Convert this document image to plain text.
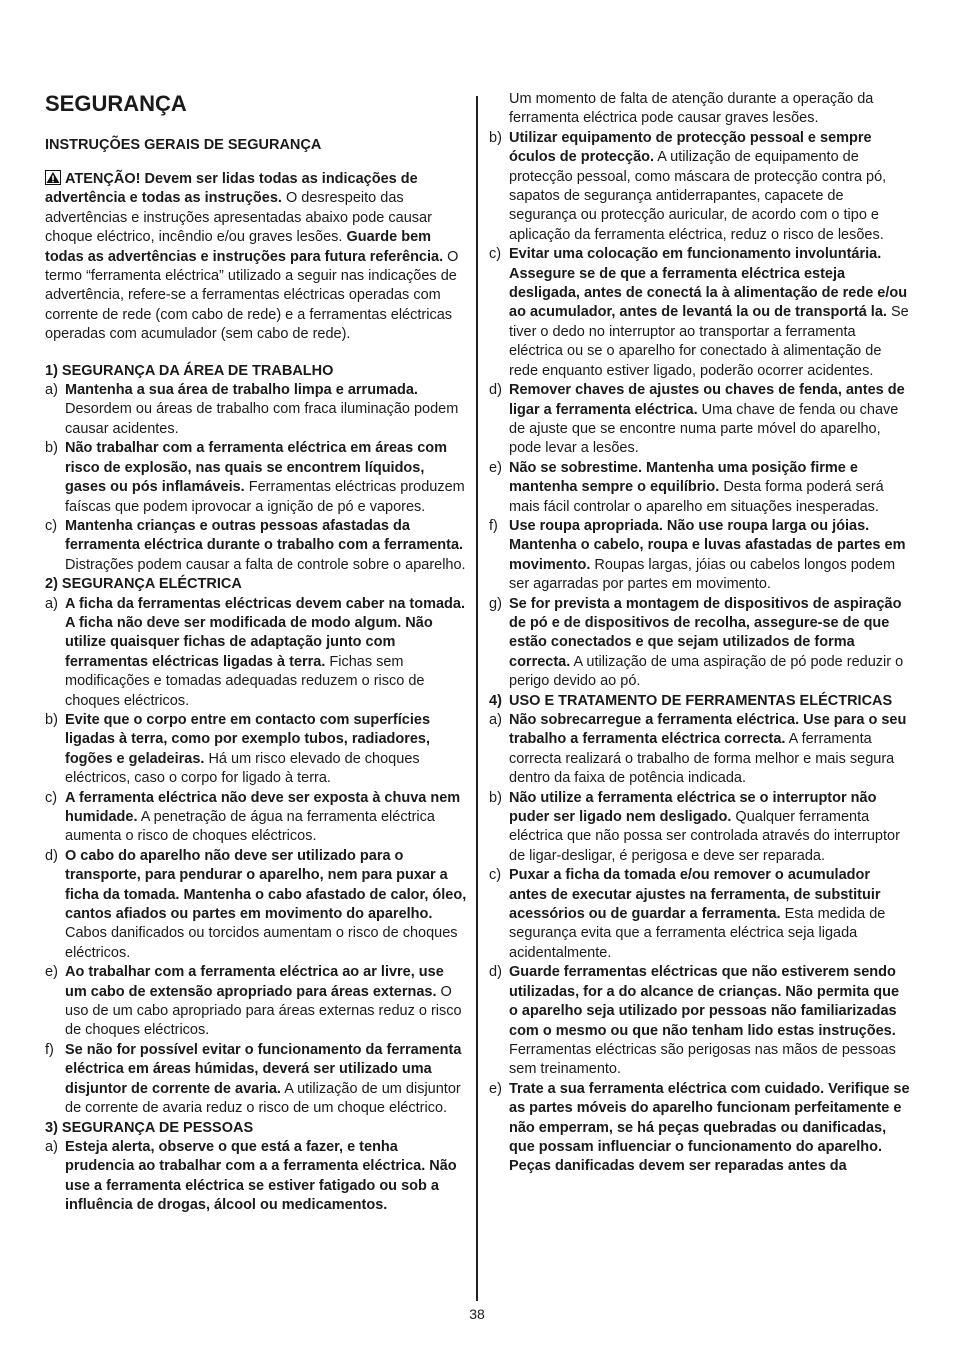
SEGURANÇA
INSTRUÇÕES GERAIS DE SEGURANÇA

ATENÇÃO! Devem ser lidas todas as indicações de advertência e todas as instruções. O desrespeito das advertências e instruções apresentadas abaixo pode causar choque eléctrico, incêndio e/ou graves lesões. Guarde bem todas as advertências e instruções para futura referência. O termo “ferramenta eléctrica” utilizado a seguir nas indicações de advertência, refere-se a ferramentas eléctricas operadas com corrente de rede (com cabo de rede) e a ferramentas eléctricas operadas com acumulador (sem cabo de rede).

1) SEGURANÇA DA ÁREA DE TRABALHO
a) Mantenha a sua área de trabalho limpa e arrumada. Desordem ou áreas de trabalho com fraca iluminação podem causar acidentes.
b) Não trabalhar com a ferramenta eléctrica em áreas com risco de explosão, nas quais se encontrem líquidos, gases ou pós inflamáveis. Ferramentas eléctricas produzem faíscas que podem iprovocar a ignição de pó e vapores.
c) Mantenha crianças e outras pessoas afastadas da ferramenta eléctrica durante o trabalho com a ferramenta. Distrações podem causar a falta de controle sobre o aparelho.
2) SEGURANÇA ELÉCTRICA
a) A ficha da ferramentas eléctricas devem caber na tomada. A ficha não deve ser modificada de modo algum. Não utilize quaisquer fichas de adaptação junto com ferramentas eléctricas ligadas à terra. Fichas sem modificações e tomadas adequadas reduzem o risco de choques eléctricos.
b) Evite que o corpo entre em contacto com superfícies ligadas à terra, como por exemplo tubos, radiadores, fogões e geladeiras. Há um risco elevado de choques eléctricos, caso o corpo for ligado à terra.
c) A ferramenta eléctrica não deve ser exposta à chuva nem humidade. A penetração de água na ferramenta eléctrica aumenta o risco de choques eléctricos.
d) O cabo do aparelho não deve ser utilizado para o transporte, para pendurar o aparelho, nem para puxar a ficha da tomada. Mantenha o cabo afastado de calor, óleo, cantos afiados ou partes em movimento do aparelho. Cabos danificados ou torcidos aumentam o risco de choques eléctricos.
e) Ao trabalhar com a ferramenta eléctrica ao ar livre, use um cabo de extensão apropriado para áreas externas. O uso de um cabo apropriado para áreas externas reduz o risco de choques eléctricos.
f) Se não for possível evitar o funcionamento da ferramenta eléctrica em áreas húmidas, deverá ser utilizado uma disjuntor de corrente de avaria. A utilização de um disjuntor de corrente de avaria reduz o risco de um choque eléctrico.
3) SEGURANÇA DE PESSOAS
a) Esteja alerta, observe o que está a fazer, e tenha prudencia ao trabalhar com a a ferramenta eléctrica. Não use a ferramenta eléctrica se estiver fatigado ou sob a influência de drogas, álcool ou medicamentos.
Um momento de falta de atenção durante a operação da ferramenta eléctrica pode causar graves lesões.
b) Utilizar equipamento de protecção pessoal e sempre óculos de protecção. A utilização de equipamento de protecção pessoal, como máscara de protecção contra pó, sapatos de segurança antiderrapantes, capacete de segurança ou protecção auricular, de acordo com o tipo e aplicação da ferramenta eléctrica, reduz o risco de lesões.
c) Evitar uma colocação em funcionamento involuntária. Assegure se de que a ferramenta eléctrica esteja desligada, antes de conectá la à alimentação de rede e/ou ao acumulador, antes de levantá la ou de transportá la. Se tiver o dedo no interruptor ao transportar a ferramenta eléctrica ou se o aparelho for conectado à alimentação de rede enquanto estiver ligado, poderão ocorrer acidentes.
d) Remover chaves de ajustes ou chaves de fenda, antes de ligar a ferramenta eléctrica. Uma chave de fenda ou chave de ajuste que se encontre numa parte móvel do aparelho, pode levar a lesões.
e) Não se sobrestime. Mantenha uma posição firme e mantenha sempre o equilíbrio. Desta forma poderá será mais fácil controlar o aparelho em situações inesperadas.
f) Use roupa apropriada. Não use roupa larga ou jóias. Mantenha o cabelo, roupa e luvas afastadas de partes em movimento. Roupas largas, jóias ou cabelos longos podem ser agarradas por partes em movimento.
g) Se for prevista a montagem de dispositivos de aspiração de pó e de dispositivos de recolha, assegure-se de que estão conectados e que sejam utilizados de forma correcta. A utilização de uma aspiração de pó pode reduzir o perigo devido ao pó.
4) USO E TRATAMENTO DE FERRAMENTAS ELÉCTRICAS
a) Não sobrecarregue a ferramenta eléctrica. Use para o seu trabalho a ferramenta eléctrica correcta. A ferramenta correcta realizará o trabalho de forma melhor e mais segura dentro da faixa de potência indicada.
b) Não utilize a ferramenta eléctrica se o interruptor não puder ser ligado nem desligado. Qualquer ferramenta eléctrica que não possa ser controlada através do interruptor de ligar-desligar, é perigosa e deve ser reparada.
c) Puxar a ficha da tomada e/ou remover o acumulador antes de executar ajustes na ferramenta, de substituir acessórios ou de guardar a ferramenta. Esta medida de segurança evita que a ferramenta eléctrica seja ligada acidentalmente.
d) Guarde ferramentas eléctricas que não estiverem sendo utilizadas, for a do alcance de crianças. Não permita que o aparelho seja utilizado por pessoas não familiarizadas com o mesmo ou que não tenham lido estas instruções. Ferramentas eléctricas são perigosas nas mãos de pessoas sem treinamento.
e) Trate a sua ferramenta eléctrica com cuidado. Verifique se as partes móveis do aparelho funcionam perfeitamente e não emperram, se há peças quebradas ou danificadas, que possam influenciar o funcionamento do aparelho. Peças danificadas devem ser reparadas antes da
38
